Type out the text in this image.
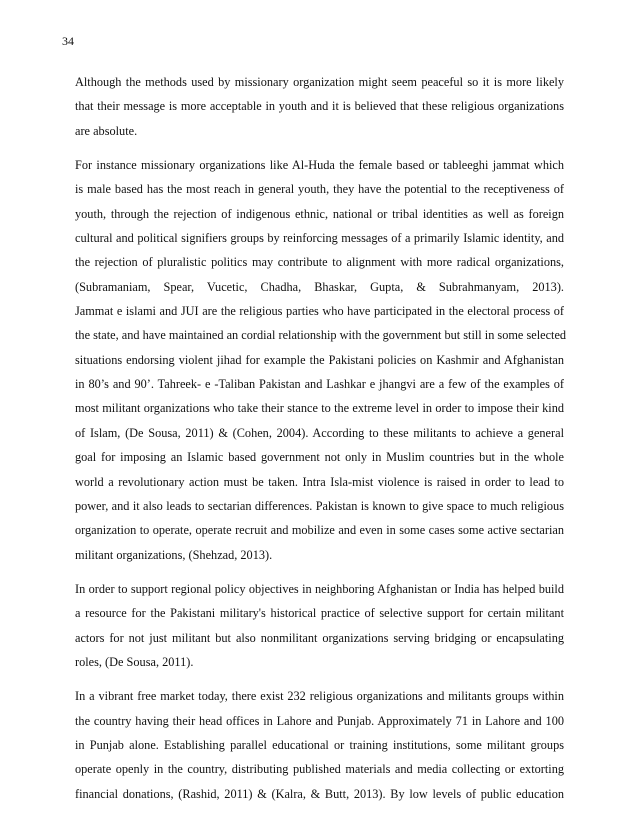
34
Although the methods used by missionary organization might seem peaceful so it is more likely
that their message is more acceptable in youth and it is believed that these religious organizations
are absolute.
For instance missionary organizations like Al-Huda the female based or tableeghi jammat which
is male based has the most reach in general youth, they have the potential to the receptiveness of
youth, through the rejection of indigenous ethnic, national or tribal identities as well as foreign
cultural and political signifiers groups by reinforcing messages of a primarily Islamic identity, and
the rejection of pluralistic politics may contribute to alignment with more radical organizations,
(Subramaniam, Spear, Vucetic, Chadha, Bhaskar, Gupta, & Subrahmanyam, 2013).
Jammat e islami and JUI are the religious parties who have participated in the electoral process of
the state, and have maintained an cordial relationship with the government but still in some selected
situations endorsing violent jihad for example the Pakistani policies on Kashmir and Afghanistan
in 80’s and 90’. Tahreek- e -Taliban Pakistan and Lashkar e jhangvi are a few of the examples of
most militant organizations who take their stance to the extreme level in order to impose their kind
of Islam, (De Sousa, 2011) & (Cohen, 2004). According to these militants to achieve a general
goal for imposing an Islamic based government not only in Muslim countries but in the whole
world a revolutionary action must be taken. Intra Isla-mist violence is raised in order to lead to
power, and it also leads to sectarian differences. Pakistan is known to give space to much religious
organization to operate, operate recruit and mobilize and even in some cases some active sectarian
militant organizations, (Shehzad, 2013).
In order to support regional policy objectives in neighboring Afghanistan or India has helped build
a resource for the Pakistani military's historical practice of selective support for certain militant
actors for not just militant but also nonmilitant organizations serving bridging or encapsulating
roles, (De Sousa, 2011).
In a vibrant free market today, there exist 232 religious organizations and militants groups within
the country having their head offices in Lahore and Punjab. Approximately 71 in Lahore and 100
in Punjab alone. Establishing parallel educational or training institutions, some militant groups
operate openly in the country, distributing published materials and media collecting or extorting
financial donations, (Rashid, 2011) & (Kalra, & Butt, 2013). By low levels of public education
